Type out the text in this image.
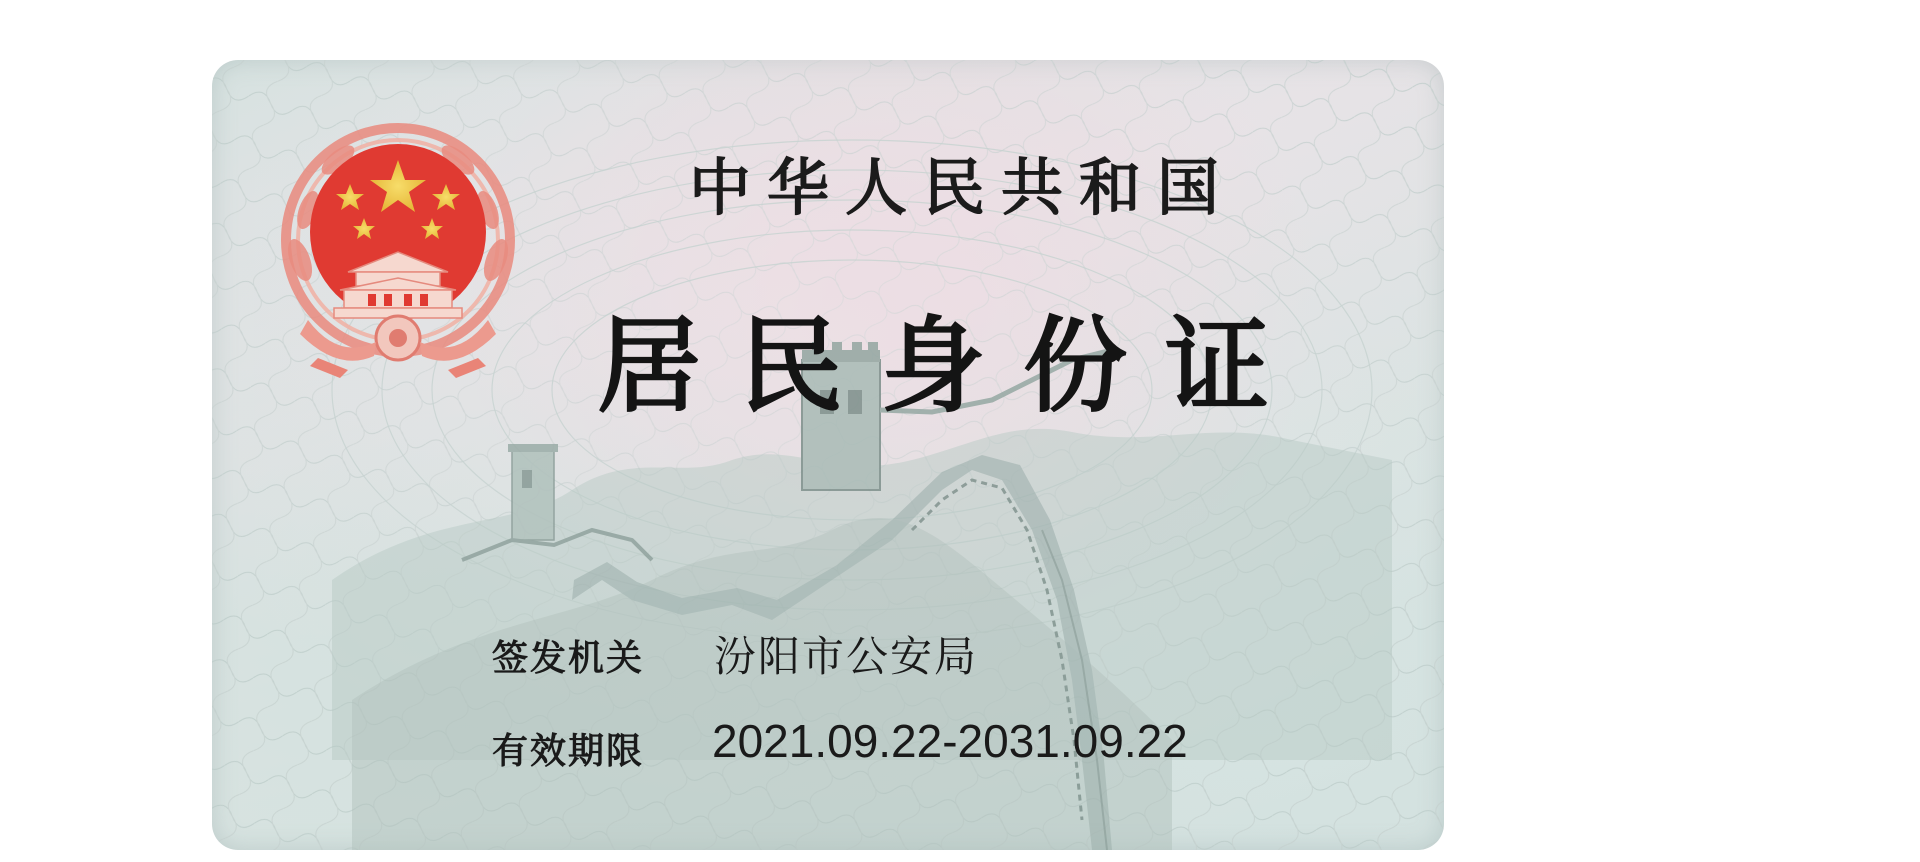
中华人民共和国
居民身份证
签发机关 汾阳市公安局
有效期限 2021.09.22-2031.09.22
